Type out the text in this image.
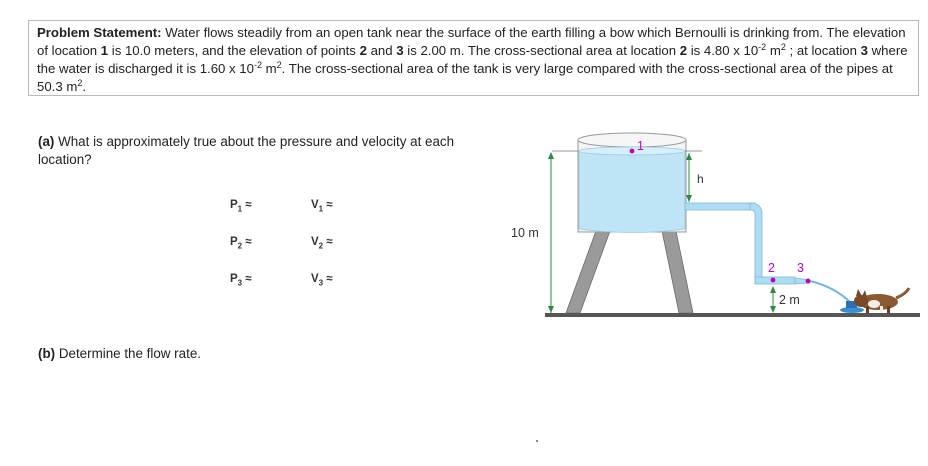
Problem Statement: Water flows steadily from an open tank near the surface of the earth filling a bow which Bernoulli is drinking from. The elevation of location 1 is 10.0 meters, and the elevation of points 2 and 3 is 2.00 m. The cross-sectional area at location 2 is 4.80 x $10^{-2}$ $m^2$ ; at location 3 where the water is discharged it is 1.60 x $10^{-2}$ $m^2$. The cross-sectional area of the tank is very large compared with the cross-sectional area of the pipes at 50.3 $m^2$.
(a) What is approximately true about the pressure and velocity at each location?
$P_1$ ≈	$V_1$ ≈
$P_2$ ≈	$V_2$ ≈
$P_3$ ≈	$V_3$ ≈
(b) Determine the flow rate.
10 m
h
1
2 3
2 m
